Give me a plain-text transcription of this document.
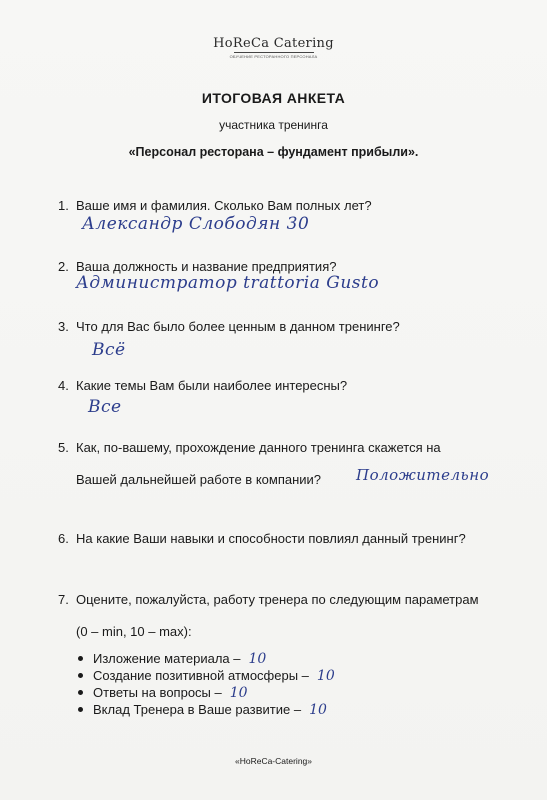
HoReCa Catering
ОБУЧЕНИЕ РЕСТОРАННОГО ПЕРСОНАЛА
ИТОГОВАЯ АНКЕТА
участника тренинга
«Персонал ресторана – фундамент прибыли».
1. Ваше имя и фамилия. Сколько Вам полных лет?
Александр Слободян 30
2. Ваша должность и название предприятия?
Администратор trattoria Gusto
3. Что для Вас было более ценным в данном тренинге?
Всё
4. Какие темы Вам были наиболее интересны?
Все
5. Как, по-вашему, прохождение данного тренинга скажется на
Вашей дальнейшей работе в компании? Положительно
6. На какие Ваши навыки и способности повлиял данный тренинг?
7. Оцените, пожалуйста, работу тренера по следующим параметрам
(0 – min, 10 – max):
Изложение материала – 10
Создание позитивной атмосферы – 10
Ответы на вопросы – 10
Вклад Тренера в Ваше развитие – 10
«HoReCa-Catering»
